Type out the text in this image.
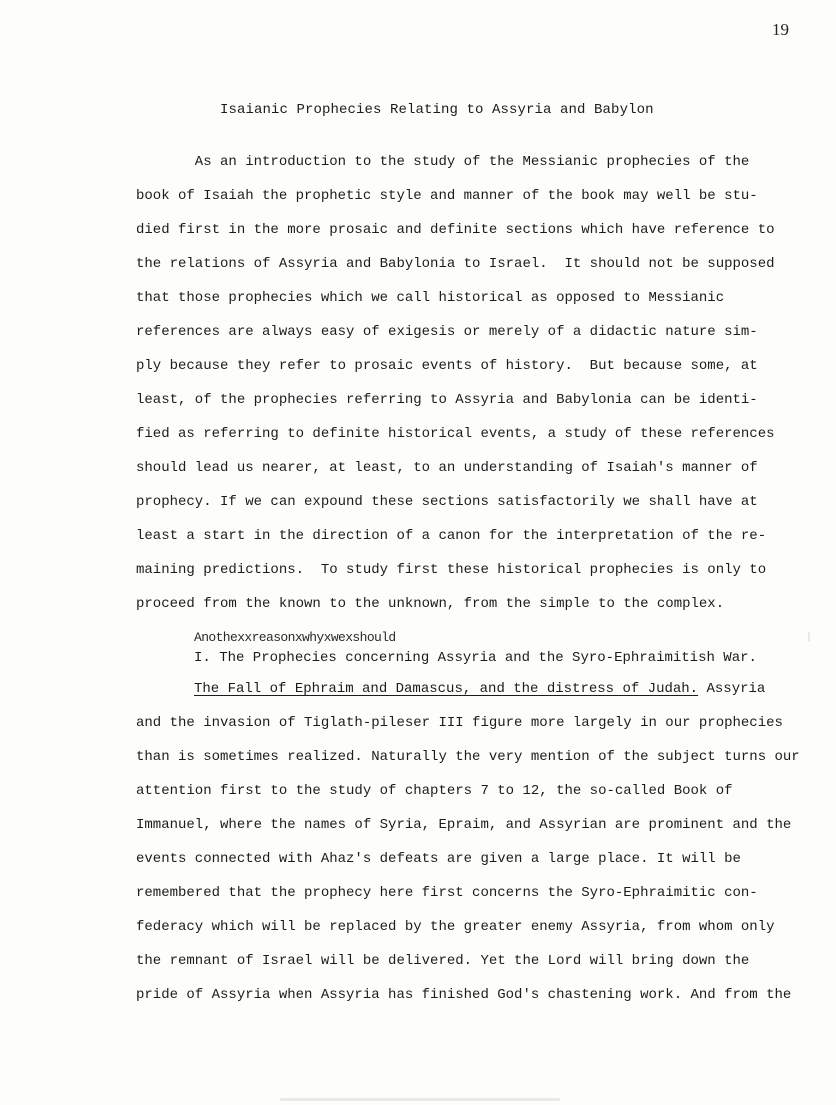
19
Isaianic Prophecies Relating to Assyria and Babylon
As an introduction to the study of the Messianic prophecies of the
book of Isaiah the prophetic style and manner of the book may well be stu-
died first in the more prosaic and definite sections which have reference to
the relations of Assyria and Babylonia to Israel.  It should not be supposed
that those prophecies which we call historical as opposed to Messianic
references are always easy of exigesis or merely of a didactic nature sim-
ply because they refer to prosaic events of history.  But because some, at
least, of the prophecies referring to Assyria and Babylonia can be identi-
fied as referring to definite historical events, a study of these references
should lead us nearer, at least, to an understanding of Isaiah's manner of
prophecy. If we can expound these sections satisfactorily we shall have at
least a start in the direction of a canon for the interpretation of the re-
maining predictions.  To study first these historical prophecies is only to
proceed from the known to the unknown, from the simple to the complex.
Anothexxreasonxwhyxwexshould
I. The Prophecies concerning Assyria and the Syro-Ephraimitish War.
The Fall of Ephraim and Damascus, and the distress of Judah. Assyria
and the invasion of Tiglath-pileser III figure more largely in our prophecies
than is sometimes realized. Naturally the very mention of the subject turns our
attention first to the study of chapters 7 to 12, the so-called Book of
Immanuel, where the names of Syria, Epraim, and Assyrian are prominent and the
events connected with Ahaz's defeats are given a large place. It will be
remembered that the prophecy here first concerns the Syro-Ephraimitic con-
federacy which will be replaced by the greater enemy Assyria, from whom only
the remnant of Israel will be delivered. Yet the Lord will bring down the
pride of Assyria when Assyria has finished God's chastening work. And from the
